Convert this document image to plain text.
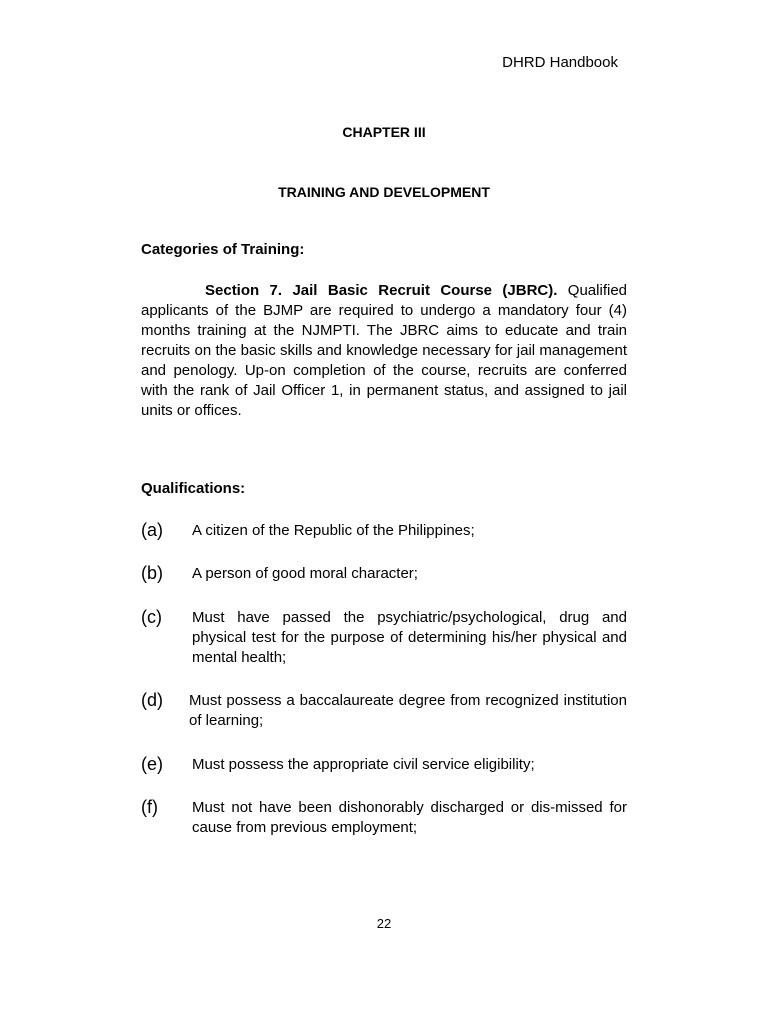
DHRD Handbook
CHAPTER III
TRAINING AND DEVELOPMENT
Categories of Training:

Section 7. Jail Basic Recruit Course (JBRC). Qualified applicants of the BJMP are required to undergo a mandatory four (4) months training at the NJMPTI. The JBRC aims to educate and train recruits on the basic skills and knowledge necessary for jail management and penology. Up-on completion of the course, recruits are conferred with the rank of Jail Officer 1, in permanent status, and assigned to jail units or offices.

Qualifications:
(a) A citizen of the Republic of the Philippines;
(b) A person of good moral character;
(c) Must have passed the psychiatric/psychological, drug and physical test for the purpose of determining his/her physical and mental health;
(d) Must possess a baccalaureate degree from recognized institution of learning;
(e) Must possess the appropriate civil service eligibility;
(f) Must not have been dishonorably discharged or dis-missed for cause from previous employment;
22
